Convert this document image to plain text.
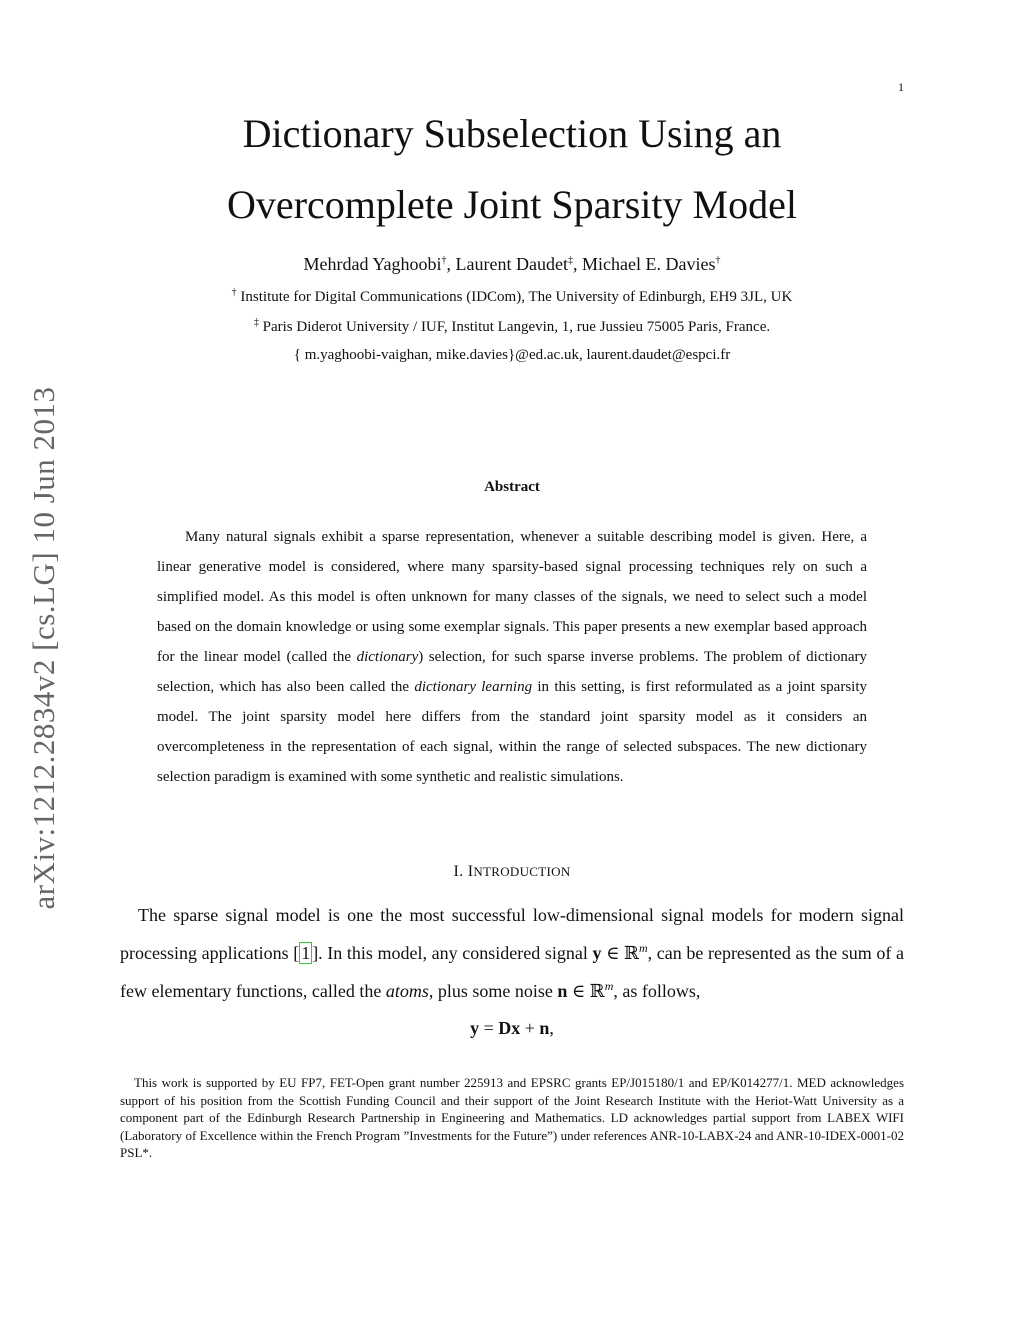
1
arXiv:1212.2834v2 [cs.LG] 10 Jun 2013
Dictionary Subselection Using an
Overcomplete Joint Sparsity Model
Mehrdad Yaghoobi†, Laurent Daudet‡, Michael E. Davies†
† Institute for Digital Communications (IDCom), The University of Edinburgh, EH9 3JL, UK
‡ Paris Diderot University / IUF, Institut Langevin, 1, rue Jussieu 75005 Paris, France.
{ m.yaghoobi-vaighan, mike.davies}@ed.ac.uk, laurent.daudet@espci.fr
Abstract

Many natural signals exhibit a sparse representation, whenever a suitable describing model is given. Here, a linear generative model is considered, where many sparsity-based signal processing techniques rely on such a simplified model. As this model is often unknown for many classes of the signals, we need to select such a model based on the domain knowledge or using some exemplar signals. This paper presents a new exemplar based approach for the linear model (called the dictionary) selection, for such sparse inverse problems. The problem of dictionary selection, which has also been called the dictionary learning in this setting, is first reformulated as a joint sparsity model. The joint sparsity model here differs from the standard joint sparsity model as it considers an overcompleteness in the representation of each signal, within the range of selected subspaces. The new dictionary selection paradigm is examined with some synthetic and realistic simulations.

I. INTRODUCTION

The sparse signal model is one the most successful low-dimensional signal models for modern signal processing applications [ 1 ]. In this model, any considered signal y ∈ ℝ$^m$, can be represented as the sum of a few elementary functions, called the atoms, plus some noise n ∈ ℝ$^m$, as follows,

y = Dx + n,

This work is supported by EU FP7, FET-Open grant number 225913 and EPSRC grants EP/J015180/1 and EP/K014277/1. MED acknowledges support of his position from the Scottish Funding Council and their support of the Joint Research Institute with the Heriot-Watt University as a component part of the Edinburgh Research Partnership in Engineering and Mathematics. LD acknowledges partial support from LABEX WIFI (Laboratory of Excellence within the French Program ”Investments for the Future”) under references ANR-10-LABX-24 and ANR-10-IDEX-0001-02 PSL*.
